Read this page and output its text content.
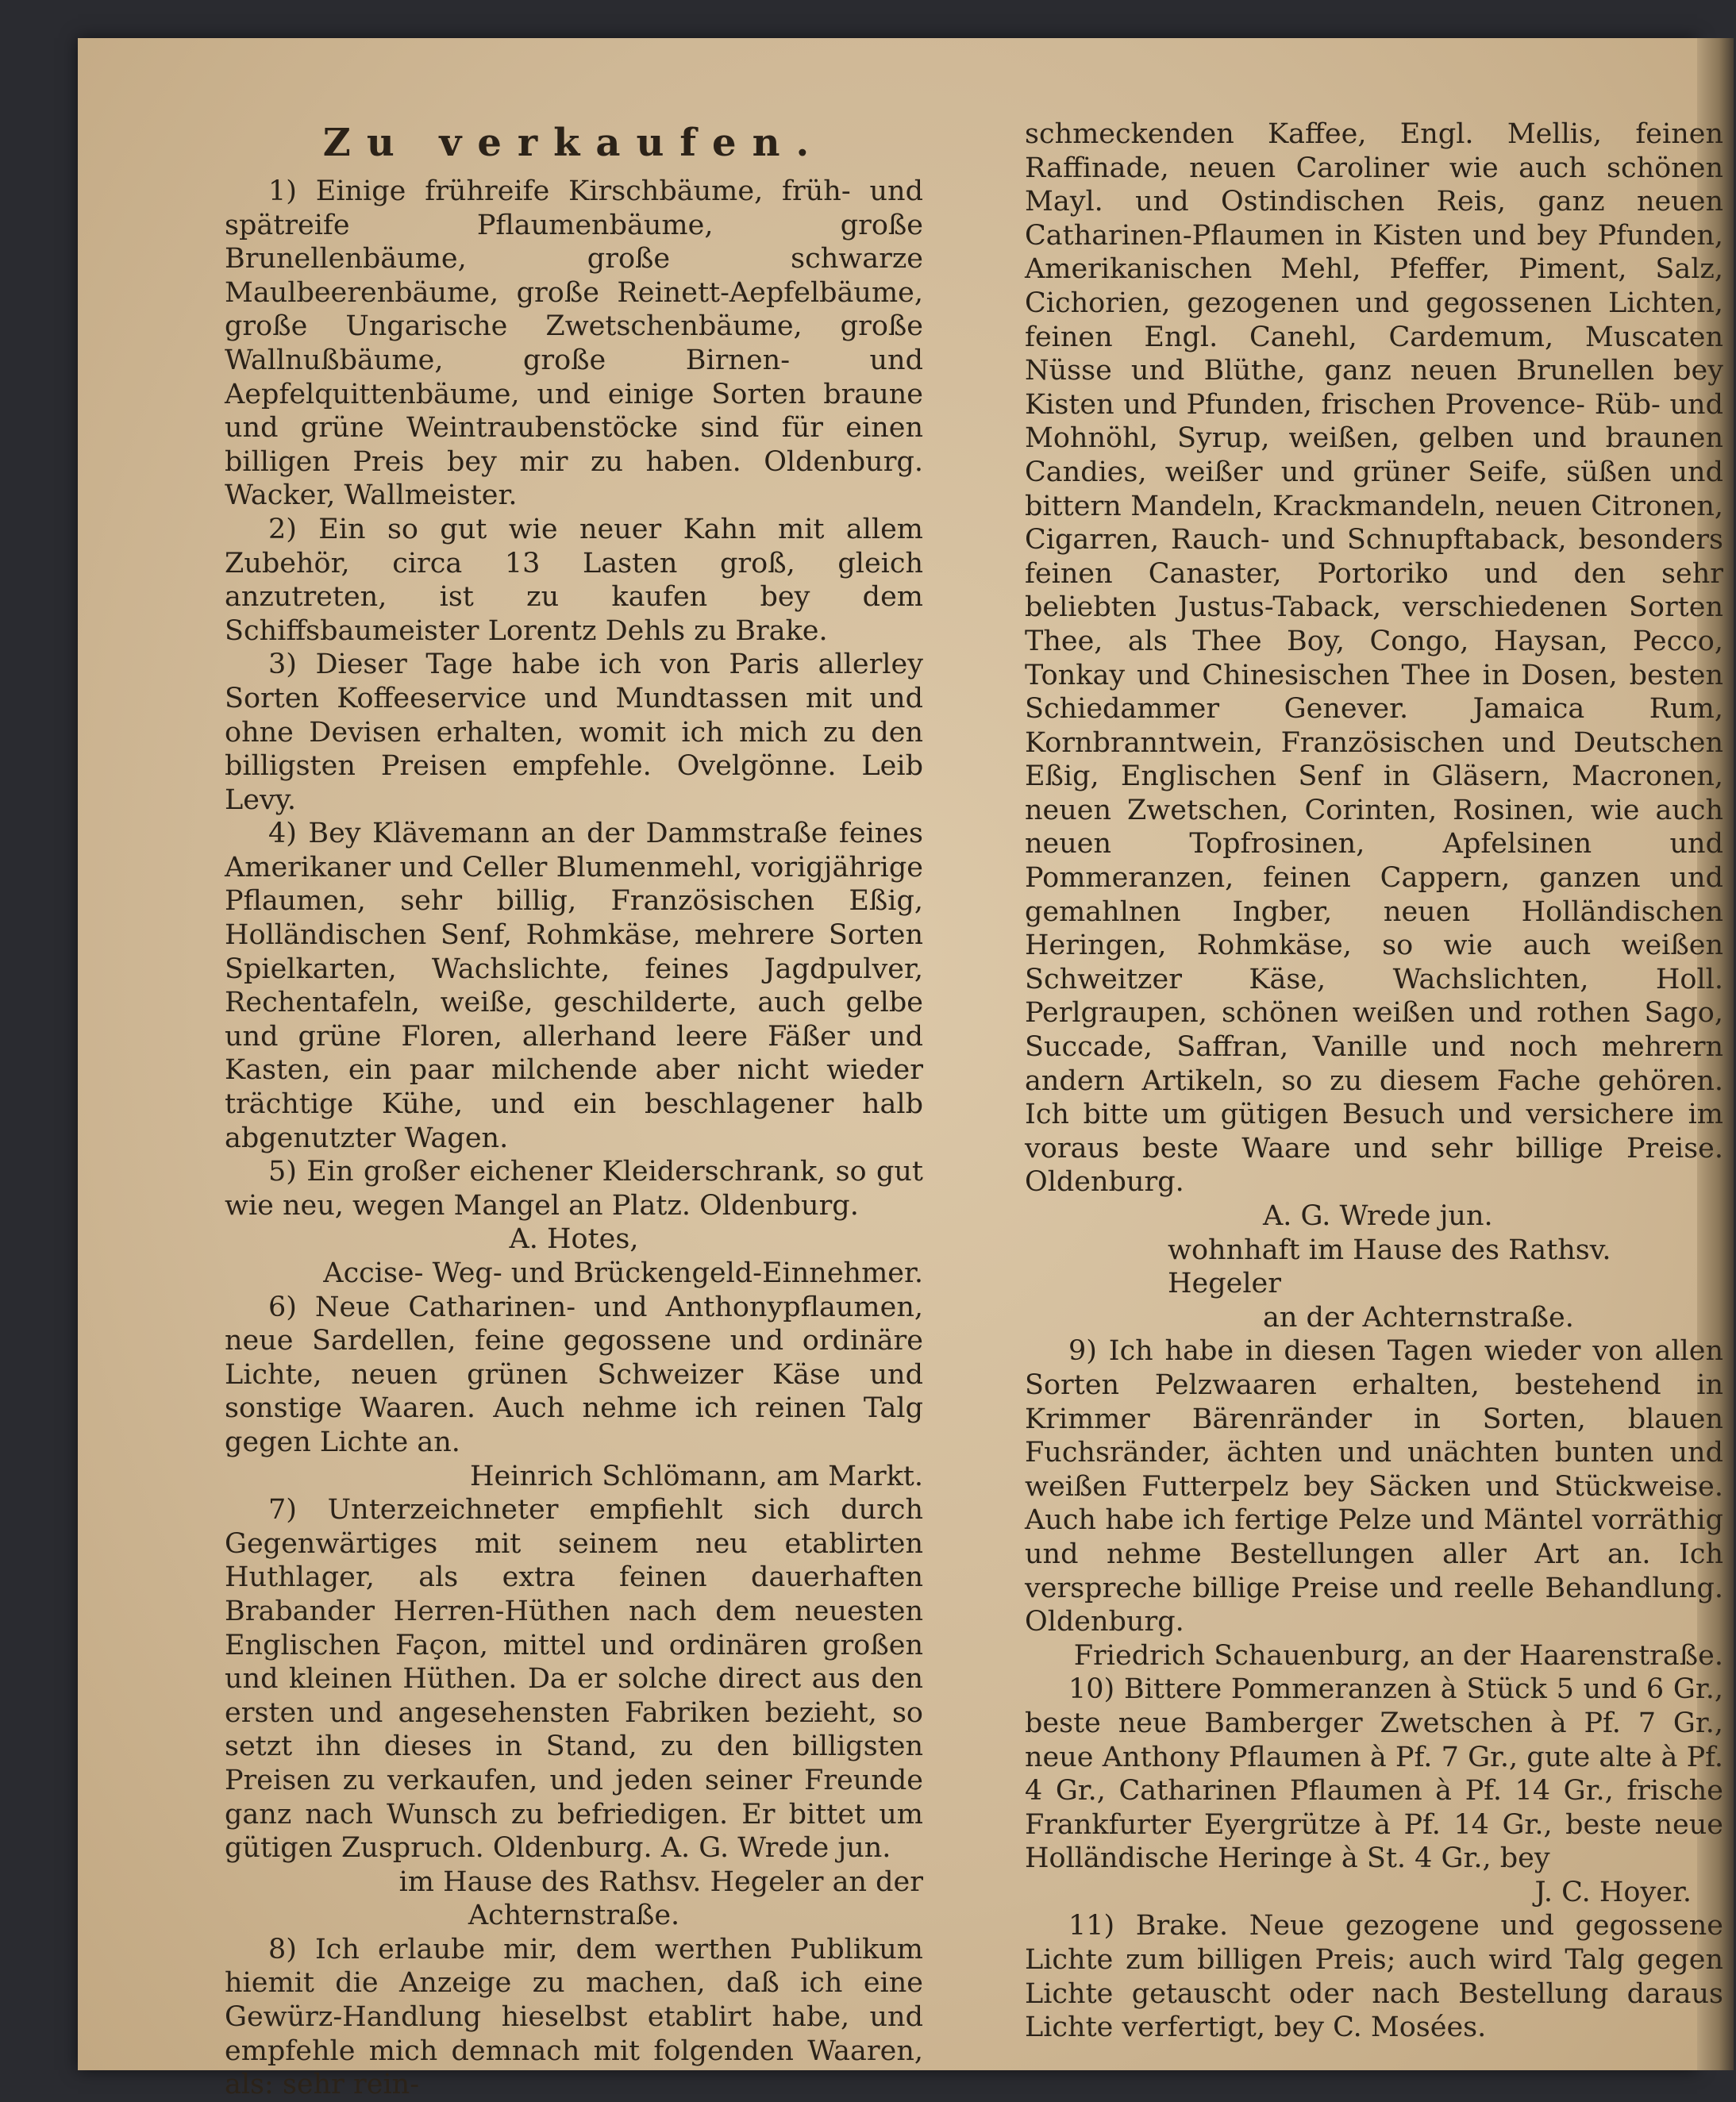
Zu verkaufen.

1) Einige frühreife Kirschbäume, früh- und spätreife Pflaumenbäume, große Brunellenbäume, große schwarze Maulbeerenbäume, große Reinett-Aepfelbäume, große Ungarische Zwetschenbäume, große Wallnußbäume, große Birnen- und Aepfelquittenbäume, und einige Sorten braune und grüne Weintraubenstöcke sind für einen billigen Preis bey mir zu haben. Oldenburg. Wacker, Wallmeister.

2) Ein so gut wie neuer Kahn mit allem Zubehör, circa 13 Lasten groß, gleich anzutreten, ist zu kaufen bey dem Schiffsbaumeister Lorentz Dehls zu Brake.

3) Dieser Tage habe ich von Paris allerley Sorten Koffeeservice und Mundtassen mit und ohne Devisen erhalten, womit ich mich zu den billigsten Preisen empfehle. Ovelgönne. Leib Levy.

4) Bey Klävemann an der Dammstraße feines Amerikaner und Celler Blumenmehl, vorigjährige Pflaumen, sehr billig, Französischen Eßig, Holländischen Senf, Rohmkäse, mehrere Sorten Spielkarten, Wachslichte, feines Jagdpulver, Rechentafeln, weiße, geschilderte, auch gelbe und grüne Floren, allerhand leere Fäßer und Kasten, ein paar milchende aber nicht wieder trächtige Kühe, und ein beschlagener halb abgenutzter Wagen.

5) Ein großer eichener Kleiderschrank, so gut wie neu, wegen Mangel an Platz. Oldenburg.

A. Hotes,
Accise- Weg- und Brückengeld-Einnehmer.

6) Neue Catharinen- und Anthonypflaumen, neue Sardellen, feine gegossene und ordinäre Lichte, neuen grünen Schweizer Käse und sonstige Waaren. Auch nehme ich reinen Talg gegen Lichte an.

Heinrich Schlömann, am Markt.

7) Unterzeichneter empfiehlt sich durch Gegenwärtiges mit seinem neu etablirten Huthlager, als extra feinen dauerhaften Brabander Herren-Hüthen nach dem neuesten Englischen Façon, mittel und ordinären großen und kleinen Hüthen. Da er solche direct aus den ersten und angesehensten Fabriken bezieht, so setzt ihn dieses in Stand, zu den billigsten Preisen zu verkaufen, und jeden seiner Freunde ganz nach Wunsch zu befriedigen. Er bittet um gütigen Zuspruch. Oldenburg. A. G. Wrede jun.

im Hause des Rathsv. Hegeler an der
Achternstraße.

8) Ich erlaube mir, dem werthen Publikum hiemit die Anzeige zu machen, daß ich eine Gewürz-Handlung hieselbst etablirt habe, und empfehle mich demnach mit folgenden Waaren, als: sehr rein-

schmeckenden Kaffee, Engl. Mellis, feinen Raffinade, neuen Caroliner wie auch schönen Mayl. und Ostindischen Reis, ganz neuen Catharinen-Pflaumen in Kisten und bey Pfunden, Amerikanischen Mehl, Pfeffer, Piment, Salz, Cichorien, gezogenen und gegossenen Lichten, feinen Engl. Canehl, Cardemum, Muscaten Nüsse und Blüthe, ganz neuen Brunellen bey Kisten und Pfunden, frischen Provence- Rüb- und Mohnöhl, Syrup, weißen, gelben und braunen Candies, weißer und grüner Seife, süßen und bittern Mandeln, Krackmandeln, neuen Citronen, Cigarren, Rauch- und Schnupftaback, besonders feinen Canaster, Portoriko und den sehr beliebten Justus-Taback, verschiedenen Sorten Thee, als Thee Boy, Congo, Haysan, Pecco, Tonkay und Chinesischen Thee in Dosen, besten Schiedammer Genever. Jamaica Rum, Kornbranntwein, Französischen und Deutschen Eßig, Englischen Senf in Gläsern, Macronen, neuen Zwetschen, Corinten, Rosinen, wie auch neuen Topfrosinen, Apfelsinen und Pommeranzen, feinen Cappern, ganzen und gemahlnen Ingber, neuen Holländischen Heringen, Rohmkäse, so wie auch weißen Schweitzer Käse, Wachslichten, Holl. Perlgraupen, schönen weißen und rothen Sago, Succade, Saffran, Vanille und noch mehrern andern Artikeln, so zu diesem Fache gehören. Ich bitte um gütigen Besuch und versichere im voraus beste Waare und sehr billige Preise. Oldenburg.

A. G. Wrede jun.
wohnhaft im Hause des Rathsv. Hegeler
an der Achternstraße.

9) Ich habe in diesen Tagen wieder von allen Sorten Pelzwaaren erhalten, bestehend in Krimmer Bärenränder in Sorten, blauen Fuchsränder, ächten und unächten bunten und weißen Futterpelz bey Säcken und Stückweise. Auch habe ich fertige Pelze und Mäntel vorräthig und nehme Bestellungen aller Art an. Ich verspreche billige Preise und reelle Behandlung. Oldenburg.

Friedrich Schauenburg, an der Haarenstraße.

10) Bittere Pommeranzen à Stück 5 und 6 Gr., beste neue Bamberger Zwetschen à Pf. 7 Gr., neue Anthony Pflaumen à Pf. 7 Gr., gute alte à Pf. 4 Gr., Catharinen Pflaumen à Pf. 14 Gr., frische Frankfurter Eyergrütze à Pf. 14 Gr., beste neue Holländische Heringe à St. 4 Gr., bey

J. C. Hoyer.

11) Brake. Neue gezogene und gegossene Lichte zum billigen Preis; auch wird Talg gegen Lichte getauscht oder nach Bestellung daraus Lichte verfertigt, bey C. Mosées.
